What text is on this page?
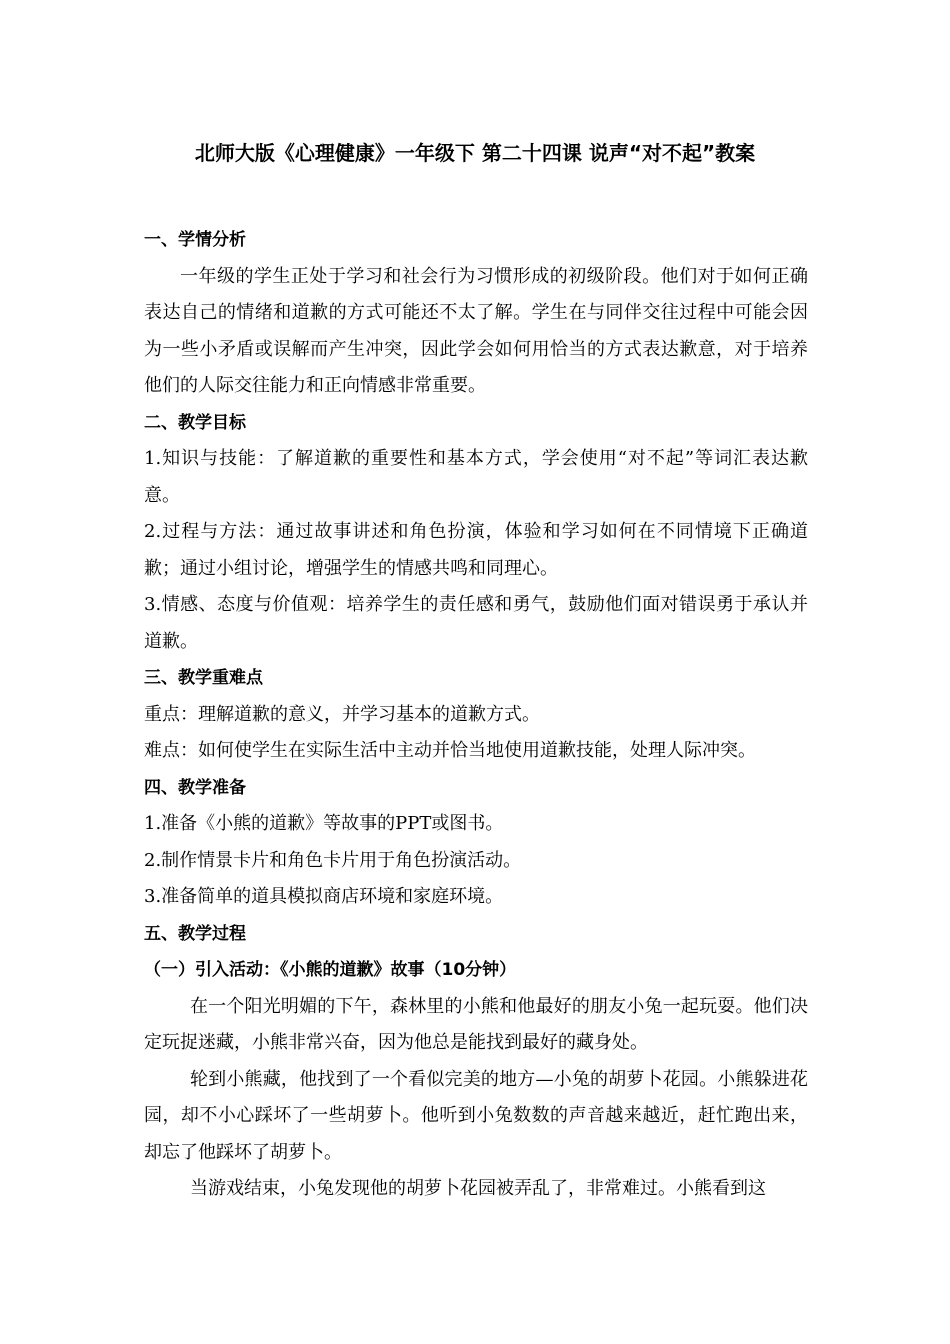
北师大版《心理健康》一年级下 第二十四课 说声“对不起”教案

一、学情分析

一年级的学生正处于学习和社会行为习惯形成的初级阶段。他们对于如何正确表达自己的情绪和道歉的方式可能还不太了解。学生在与同伴交往过程中可能会因为一些小矛盾或误解而产生冲突，因此学会如何用恰当的方式表达歉意，对于培养他们的人际交往能力和正向情感非常重要。

二、教学目标

1.知识与技能：了解道歉的重要性和基本方式，学会使用“对不起”等词汇表达歉意。

2.过程与方法：通过故事讲述和角色扮演，体验和学习如何在不同情境下正确道歉；通过小组讨论，增强学生的情感共鸣和同理心。

3.情感、态度与价值观：培养学生的责任感和勇气，鼓励他们面对错误勇于承认并道歉。

三、教学重难点

重点：理解道歉的意义，并学习基本的道歉方式。

难点：如何使学生在实际生活中主动并恰当地使用道歉技能，处理人际冲突。

四、教学准备

1.准备《小熊的道歉》等故事的PPT或图书。

2.制作情景卡片和角色卡片用于角色扮演活动。

3.准备简单的道具模拟商店环境和家庭环境。

五、教学过程

（一）引入活动：《小熊的道歉》故事（10分钟）

在一个阳光明媚的下午，森林里的小熊和他最好的朋友小兔一起玩耍。他们决定玩捉迷藏，小熊非常兴奋，因为他总是能找到最好的藏身处。

轮到小熊藏，他找到了一个看似完美的地方—小兔的胡萝卜花园。小熊躲进花园，却不小心踩坏了一些胡萝卜。他听到小兔数数的声音越来越近，赶忙跑出来，却忘了他踩坏了胡萝卜。

当游戏结束，小兔发现他的胡萝卜花园被弄乱了，非常难过。小熊看到这
